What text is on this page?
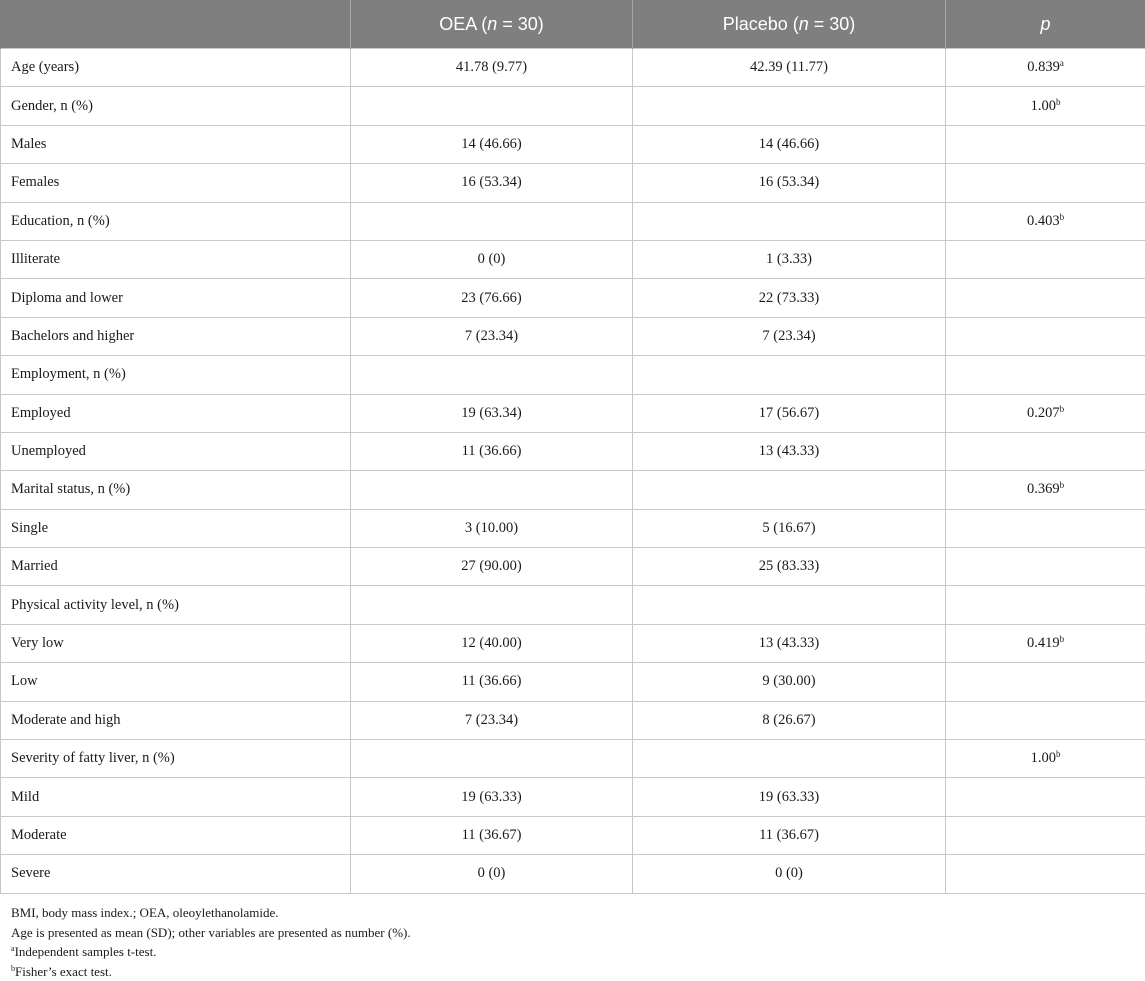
	OEA (n = 30)	Placebo (n = 30)	p
Age (years)	41.78 (9.77)	42.39 (11.77)	0.839$^a$
Gender, n (%)			1.00$^b$
Males	14 (46.66)	14 (46.66)	
Females	16 (53.34)	16 (53.34)	
Education, n (%)			0.403$^b$
Illiterate	0 (0)	1 (3.33)	
Diploma and lower	23 (76.66)	22 (73.33)	
Bachelors and higher	7 (23.34)	7 (23.34)	
Employment, n (%)			
Employed	19 (63.34)	17 (56.67)	0.207$^b$
Unemployed	11 (36.66)	13 (43.33)	
Marital status, n (%)			0.369$^b$
Single	3 (10.00)	5 (16.67)	
Married	27 (90.00)	25 (83.33)	
Physical activity level, n (%)			
Very low	12 (40.00)	13 (43.33)	0.419$^b$
Low	11 (36.66)	9 (30.00)	
Moderate and high	7 (23.34)	8 (26.67)	
Severity of fatty liver, n (%)			1.00$^b$
Mild	19 (63.33)	19 (63.33)	
Moderate	11 (36.67)	11 (36.67)	
Severe	0 (0)	0 (0)	
BMI, body mass index.; OEA, oleoylethanolamide.
Age is presented as mean (SD); other variables are presented as number (%).
$^a$Independent samples t-test.
$^b$Fisher’s exact test.
